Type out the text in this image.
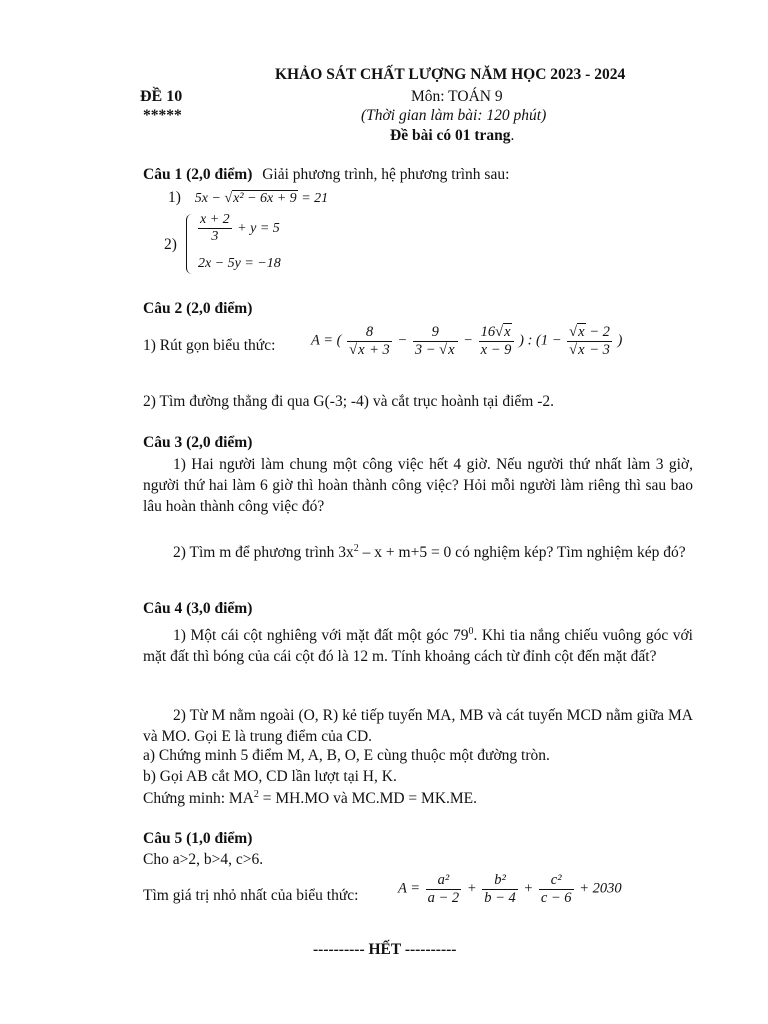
KHẢO SÁT CHẤT LƯỢNG NĂM HỌC 2023 - 2024
ĐỀ 10	Môn: TOÁN 9
*****	(Thời gian làm bài: 120 phút)
Đề bài có 01 trang.
Câu 1 (2,0 điểm) Giải phương trình, hệ phương trình sau:
1) 5x − √x² − 6x + 9 = 21
$2) \frac{x + 2}{3} + y = 5$
2x − 5y = −18
Câu 2 (2,0 điểm)
1) Rút gọn biểu thức: A = ( $\frac{8}{√x + 3} - \frac{9}{3 - √x} - \frac{16√x}{x - 9}$ ) : ($1 - \frac{√x - 2}{√x - 3}$ )
2) Tìm đường thẳng đi qua G(-3; -4) và cắt trục hoành tại điểm -2.
Câu 3 (2,0 điểm)
1) Hai người làm chung một công việc hết 4 giờ. Nếu người thứ nhất làm 3 giờ, người thứ hai làm 6 giờ thì hoàn thành công việc? Hỏi mỗi người làm riêng thì sau bao lâu hoàn thành công việc đó?
2) Tìm m để phương trình $3x^2 - x + m+5 = 0$ có nghiệm kép? Tìm nghiệm kép đó?
Câu 4 (3,0 điểm)
1) Một cái cột nghiêng với mặt đất một góc $79^0$. Khi tia nắng chiếu vuông góc với mặt đất thì bóng của cái cột đó là 12 m. Tính khoảng cách từ đỉnh cột đến mặt đất?
2) Từ M nằm ngoài (O, R) kẻ tiếp tuyến MA, MB và cát tuyến MCD nằm giữa MA và MO. Gọi E là trung điểm của CD.
a) Chứng minh 5 điểm M, A, B, O, E cùng thuộc một đường tròn.
b) Gọi AB cắt MO, CD lần lượt tại H, K.
Chứng minh: $MA^2 = MH.MO$ và MC.MD = MK.ME.
Câu 5 (1,0 điểm)
Cho a>2, b>4, c>6.
Tìm giá trị nhỏ nhất của biểu thức:	$A = \frac{\text{a²}}{a - 2} + \frac{\text{b²}}{b - 4} + \frac{\text{c²}}{c - 6} + 2030$
---------- HẾT ----------
